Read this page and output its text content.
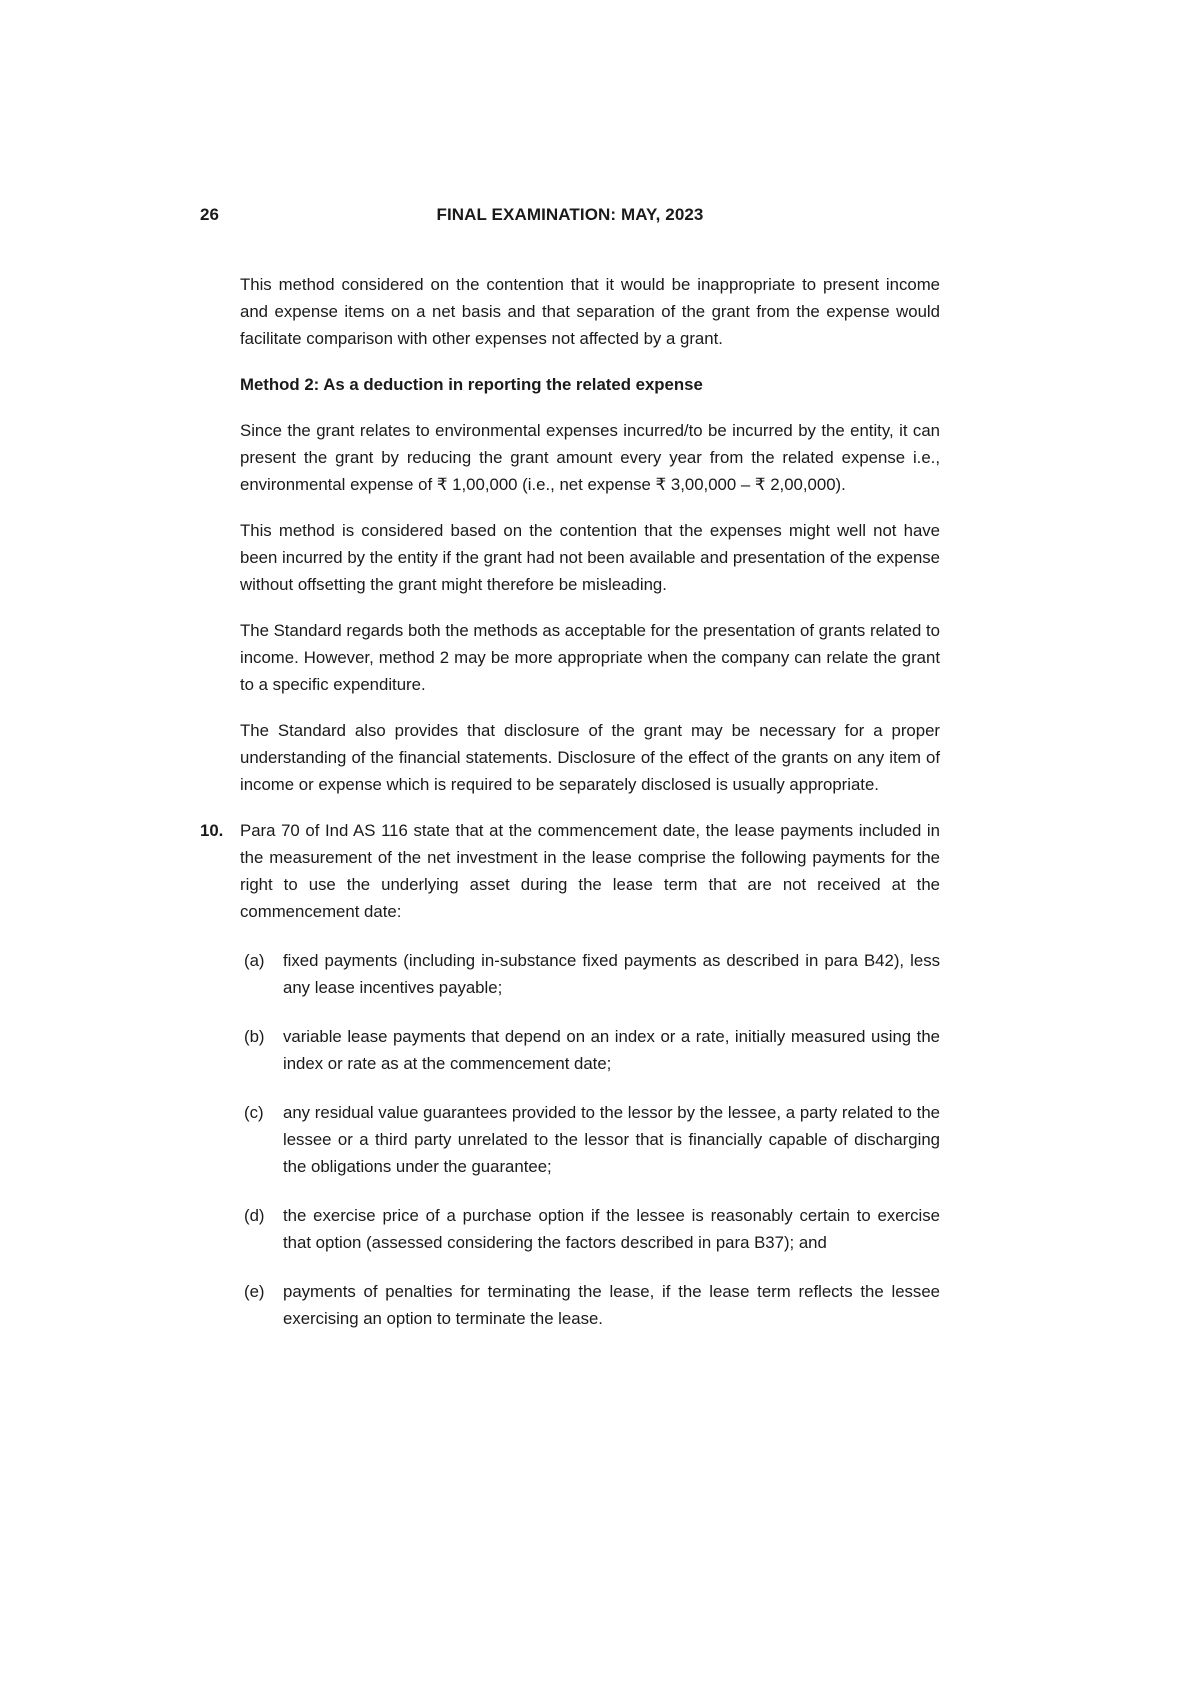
26	FINAL EXAMINATION: MAY, 2023

This method considered on the contention that it would be inappropriate to present income and expense items on a net basis and that separation of the grant from the expense would facilitate comparison with other expenses not affected by a grant.

Method 2: As a deduction in reporting the related expense

Since the grant relates to environmental expenses incurred/to be incurred by the entity, it can present the grant by reducing the grant amount every year from the related expense i.e., environmental expense of ₹ 1,00,000 (i.e., net expense ₹ 3,00,000 – ₹ 2,00,000).

This method is considered based on the contention that the expenses might well not have been incurred by the entity if the grant had not been available and presentation of the expense without offsetting the grant might therefore be misleading.

The Standard regards both the methods as acceptable for the presentation of grants related to income. However, method 2 may be more appropriate when the company can relate the grant to a specific expenditure.

The Standard also provides that disclosure of the grant may be necessary for a proper understanding of the financial statements. Disclosure of the effect of the grants on any item of income or expense which is required to be separately disclosed is usually appropriate.

10. Para 70 of Ind AS 116 state that at the commencement date, the lease payments included in the measurement of the net investment in the lease comprise the following payments for the right to use the underlying asset during the lease term that are not received at the commencement date:

(a)	fixed payments (including in-substance fixed payments as described in para B42), less any lease incentives payable;
(b)	variable lease payments that depend on an index or a rate, initially measured using the index or rate as at the commencement date;
(c)	any residual value guarantees provided to the lessor by the lessee, a party related to the lessee or a third party unrelated to the lessor that is financially capable of discharging the obligations under the guarantee;
(d)	the exercise price of a purchase option if the lessee is reasonably certain to exercise that option (assessed considering the factors described in para B37); and
(e)	payments of penalties for terminating the lease, if the lease term reflects the lessee exercising an option to terminate the lease.
